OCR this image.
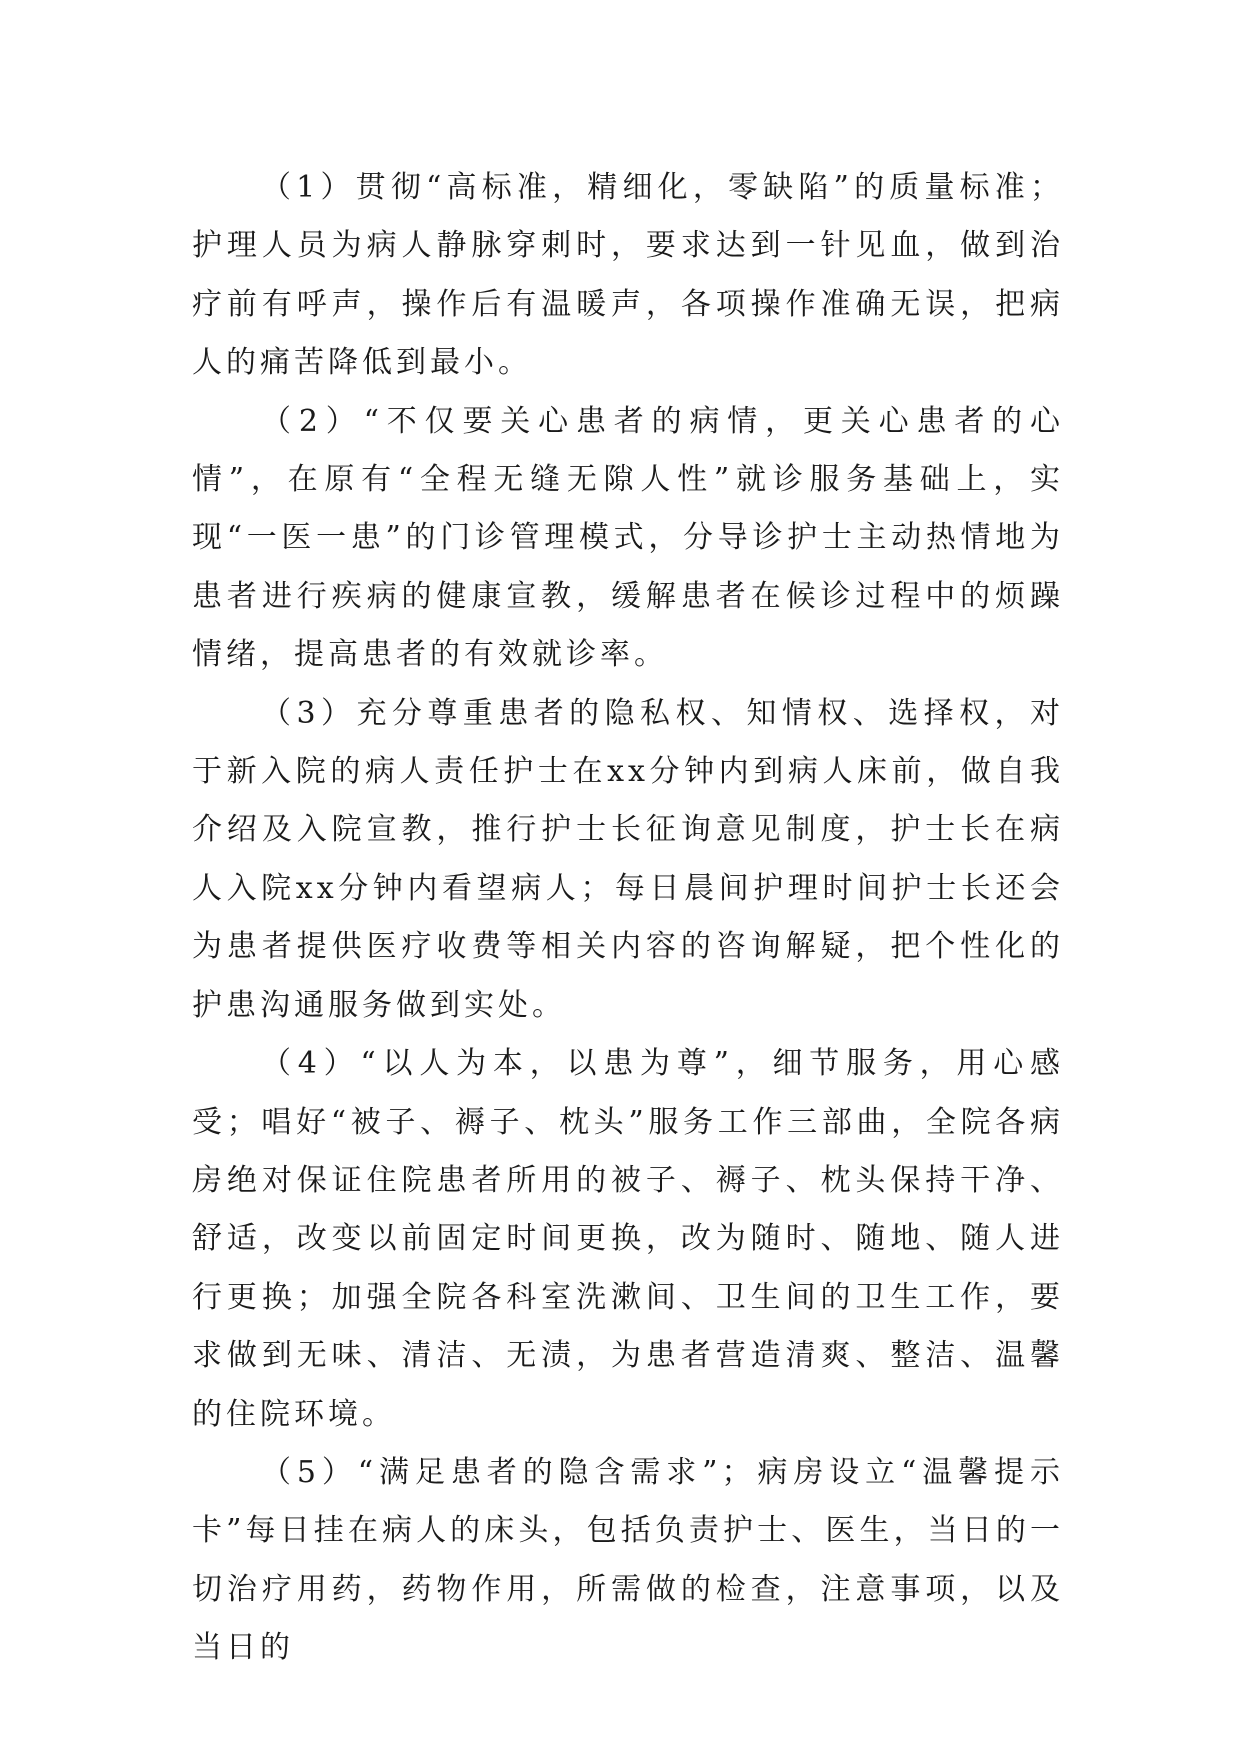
（1）贯彻“高标准，精细化，零缺陷”的质量标准；护理人员为病人静脉穿刺时，要求达到一针见血，做到治疗前有呼声，操作后有温暖声，各项操作准确无误，把病人的痛苦降低到最小。

（2）“不仅要关心患者的病情，更关心患者的心情”，在原有“全程无缝无隙人性”就诊服务基础上，实现“一医一患”的门诊管理模式，分导诊护士主动热情地为患者进行疾病的健康宣教，缓解患者在候诊过程中的烦躁情绪，提高患者的有效就诊率。

（3）充分尊重患者的隐私权、知情权、选择权，对于新入院的病人责任护士在xx分钟内到病人床前，做自我介绍及入院宣教，推行护士长征询意见制度，护士长在病人入院xx分钟内看望病人；每日晨间护理时间护士长还会为患者提供医疗收费等相关内容的咨询解疑，把个性化的护患沟通服务做到实处。

（4）“以人为本，以患为尊”，细节服务，用心感受；唱好“被子、褥子、枕头”服务工作三部曲，全院各病房绝对保证住院患者所用的被子、褥子、枕头保持干净、舒适，改变以前固定时间更换，改为随时、随地、随人进行更换；加强全院各科室洗漱间、卫生间的卫生工作，要求做到无味、清洁、无渍，为患者营造清爽、整洁、温馨的住院环境。

（5）“满足患者的隐含需求”；病房设立“温馨提示卡”每日挂在病人的床头，包括负责护士、医生，当日的一切治疗用药，药物作用，所需做的检查，注意事项，以及当日的
